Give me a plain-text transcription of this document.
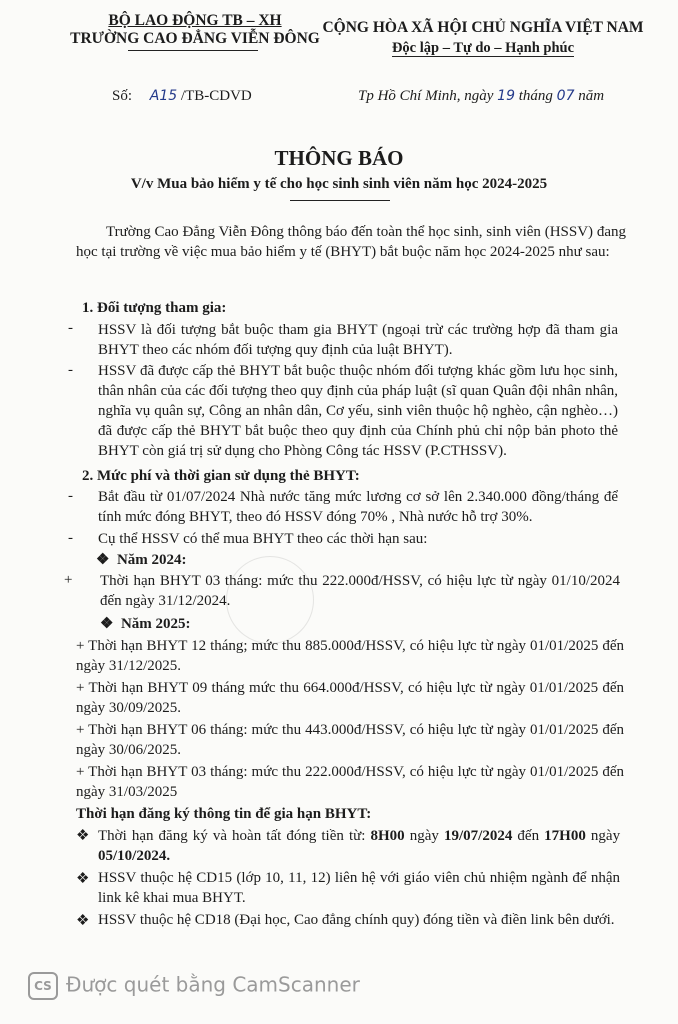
BỘ LAO ĐỘNG TB – XH
TRƯỜNG CAO ĐẲNG VIỄN ĐÔNG
CỘNG HÒA XÃ HỘI CHỦ NGHĨA VIỆT NAM
Độc lập – Tự do – Hạnh phúc
Số: A15 /TB-CDVD	Tp Hồ Chí Minh, ngày 19 tháng 07 năm
THÔNG BÁO
V/v Mua bảo hiểm y tế cho học sinh sinh viên năm học 2024-2025
Trường Cao Đẳng Viễn Đông thông báo đến toàn thể học sinh, sinh viên (HSSV) đang học tại trường về việc mua bảo hiểm y tế (BHYT) bắt buộc năm học 2024-2025 như sau:
1. Đối tượng tham gia:
- HSSV là đối tượng bắt buộc tham gia BHYT (ngoại trừ các trường hợp đã tham gia BHYT theo các nhóm đối tượng quy định của luật BHYT).
- HSSV đã được cấp thẻ BHYT bắt buộc thuộc nhóm đối tượng khác gồm lưu học sinh, thân nhân của các đối tượng theo quy định của pháp luật (sĩ quan Quân đội nhân nhân, nghĩa vụ quân sự, Công an nhân dân, Cơ yếu, sinh viên thuộc hộ nghèo, cận nghèo…) đã được cấp thẻ BHYT bắt buộc theo quy định của Chính phủ chỉ nộp bản photo thẻ BHYT còn giá trị sử dụng cho Phòng Công tác HSSV (P.CTHSSV).
2. Mức phí và thời gian sử dụng thẻ BHYT:
- Bắt đầu từ 01/07/2024 Nhà nước tăng mức lương cơ sở lên 2.340.000 đồng/tháng để tính mức đóng BHYT, theo đó HSSV đóng 70% , Nhà nước hỗ trợ 30%.
- Cụ thể HSSV có thể mua BHYT theo các thời hạn sau:
❖ Năm 2024:
+ Thời hạn BHYT 03 tháng: mức thu 222.000đ/HSSV, có hiệu lực từ ngày 01/10/2024 đến ngày 31/12/2024.
❖ Năm 2025:
+ Thời hạn BHYT 12 tháng; mức thu 885.000đ/HSSV, có hiệu lực từ ngày 01/01/2025 đến ngày 31/12/2025.
+ Thời hạn BHYT 09 tháng mức thu 664.000đ/HSSV, có hiệu lực từ ngày 01/01/2025 đến ngày 30/09/2025.
+ Thời hạn BHYT 06 tháng: mức thu 443.000đ/HSSV, có hiệu lực từ ngày 01/01/2025 đến ngày 30/06/2025.
+ Thời hạn BHYT 03 tháng: mức thu 222.000đ/HSSV, có hiệu lực từ ngày 01/01/2025 đến ngày 31/03/2025
Thời hạn đăng ký thông tin để gia hạn BHYT:
❖ Thời hạn đăng ký và hoàn tất đóng tiền từ: 8H00 ngày 19/07/2024 đến 17H00 ngày 05/10/2024.
❖ HSSV thuộc hệ CD15 (lớp 10, 11, 12) liên hệ với giáo viên chủ nhiệm ngành để nhận link kê khai mua BHYT.
❖ HSSV thuộc hệ CD18 (Đại học, Cao đẳng chính quy) đóng tiền và điền link bên dưới.
CS Được quét bằng CamScanner
